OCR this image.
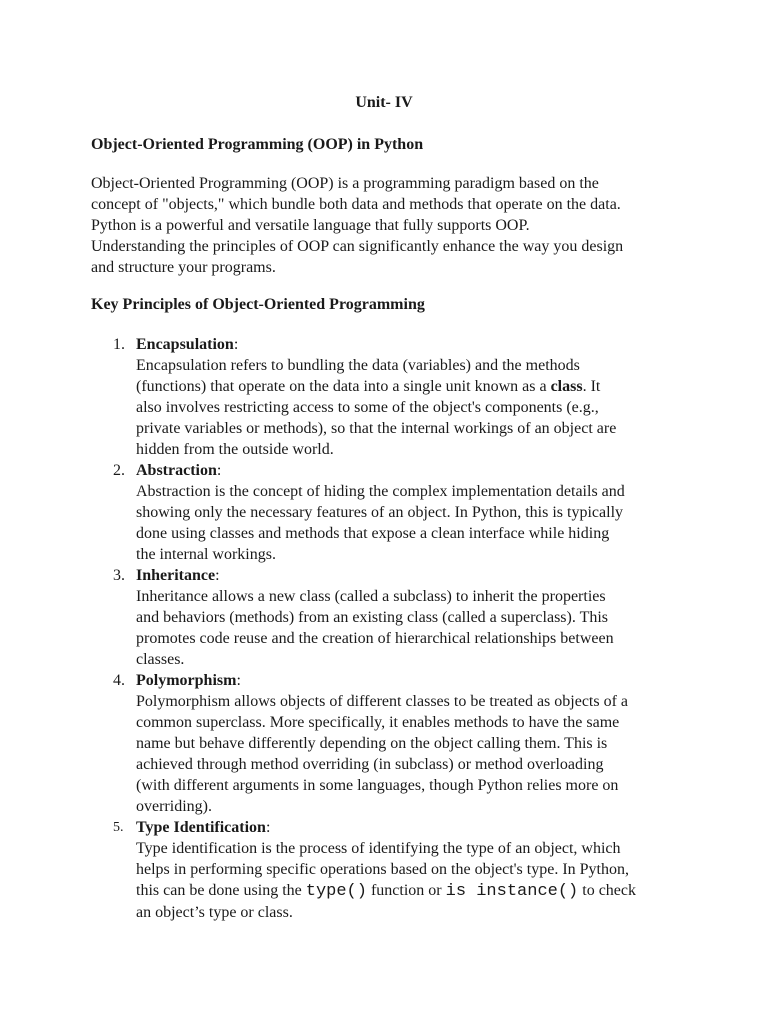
Unit- IV
Object-Oriented Programming (OOP) in Python

Object-Oriented Programming (OOP) is a programming paradigm based on the

concept of "objects," which bundle both data and methods that operate on the data.

Python is a powerful and versatile language that fully supports OOP.

Understanding the principles of OOP can significantly enhance the way you design

and structure your programs.

Key Principles of Object-Oriented Programming
1. Encapsulation:
Encapsulation refers to bundling the data (variables) and the methods
(functions) that operate on the data into a single unit known as a class. It
also involves restricting access to some of the object's components (e.g.,
private variables or methods), so that the internal workings of an object are
hidden from the outside world.
2. Abstraction:
Abstraction is the concept of hiding the complex implementation details and
showing only the necessary features of an object. In Python, this is typically
done using classes and methods that expose a clean interface while hiding
the internal workings.
3. Inheritance:
Inheritance allows a new class (called a subclass) to inherit the properties
and behaviors (methods) from an existing class (called a superclass). This
promotes code reuse and the creation of hierarchical relationships between
classes.
4. Polymorphism:
Polymorphism allows objects of different classes to be treated as objects of a
common superclass. More specifically, it enables methods to have the same
name but behave differently depending on the object calling them. This is
achieved through method overriding (in subclass) or method overloading
(with different arguments in some languages, though Python relies more on
overriding).
5. Type Identification:
Type identification is the process of identifying the type of an object, which
helps in performing specific operations based on the object's type. In Python,
this can be done using the type() function or is instance() to check
an object’s type or class.
